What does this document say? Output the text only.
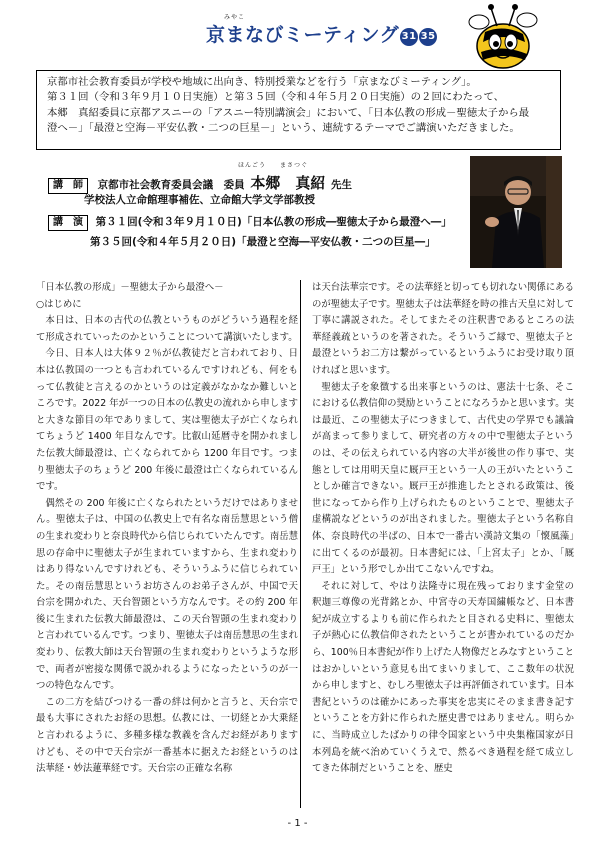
みやこ
京まなびミーティング 31 35

京都市社会教育委員が学校や地域に出向き、特別授業などを行う「京まなびミーティング」。

第３１回（令和３年９月１０日実施）と第３５回（令和４年５月２０日実施）の２回にわたって、

本郷　真紹委員に京都アスニーの「アスニー特別講演会」において、「日本仏教の形成－聖徳太子から最

澄へ－」「最澄と空海－平安仏教・二つの巨星－」という、連続するテーマでご講演いただきました。

ほんごう　　まさつぐ
講　師 京都市社会教育委員会議　委員 本郷　真紹 先生
学校法人立命館理事補佐、立命館大学文学部教授
講　演 第３１回(令和３年９月１０日)「日本仏教の形成―聖徳太子から最澄へ―」
第３５回(令和４年５月２０日)「最澄と空海―平安仏教・二つの巨星―」

「日本仏教の形成」－聖徳太子から最澄へ－

○はじめに

本日は、日本の古代の仏教というものがどういう過程を経て形成されていったのかということについて講演いたします。

今日、日本人は大体９２％が仏教徒だと言われており、日本は仏教国の一つとも言われているんですけれども、何をもって仏教徒と言えるのかというのは定義がなかなか難しいところです。2022 年が一つの日本の仏教史の流れから申しますと大きな節目の年でありまして、実は聖徳太子が亡くなられてちょうど 1400 年目なんです。比叡山延暦寺を開かれました伝教大師最澄は、亡くなられてから 1200 年目です。つまり聖徳太子のちょうど 200 年後に最澄は亡くなられているんです。

偶然その 200 年後に亡くなられたというだけではありません。聖徳太子は、中国の仏教史上で有名な南岳慧思という僧の生まれ変わりと奈良時代から信じられていたんです。南岳慧思の存命中に聖徳太子が生まれていますから、生まれ変わりはあり得ないんですけれども、そういうふうに信じられていた。その南岳慧思というお坊さんのお弟子さんが、中国で天台宗を開かれた、天台智顗という方なんです。その約 200 年後に生まれた伝教大師最澄は、この天台智顗の生まれ変わりと言われているんです。つまり、聖徳太子は南岳慧思の生まれ変わり、伝教大師は天台智顗の生まれ変わりというような形で、両者が密接な関係で説かれるようになったというのが一つの特色なんです。

この二方を結びつける一番の絆は何かと言うと、天台宗で最も大事にされたお経の思想。仏教には、一切経とか大乗経と言われるように、多種多様な教義を含んだお経がありますけども、その中で天台宗が一番基本に据えたお経というのは法華経・妙法蓮華経です。天台宗の正確な名称

は天台法華宗です。その法華経と切っても切れない関係にあるのが聖徳太子です。聖徳太子は法華経を時の推古天皇に対して丁寧に講説された。そしてまたその注釈書であるところの法華経義疏というのを著された。そういうご縁で、聖徳太子と最澄というお二方は繋がっているというふうにお受け取り頂ければと思います。

聖徳太子を象徴する出来事というのは、憲法十七条、そこにおける仏教信仰の奨励ということになろうかと思います。実は最近、この聖徳太子につきまして、古代史の学界でも議論が高まって参りまして、研究者の方々の中で聖徳太子というのは、その伝えられている内容の大半が後世の作り事で、実態としては用明天皇に厩戸王という一人の王がいたということしか確言できない。厩戸王が推進したとされる政策は、後世になってから作り上げられたものということで、聖徳太子虚構説などというのが出されました。聖徳太子という名称自体、奈良時代の半ばの、日本で一番古い漢詩文集の「懐風藻」に出てくるのが最初。日本書紀には、「上宮太子」とか、「厩戸王」という形でしか出てこないんですね。

それに対して、やはり法隆寺に現在残っております金堂の釈迦三尊像の光背銘とか、中宮寺の天寿国繍帳など、日本書紀が成立するよりも前に作られたと目される史料に、聖徳太子が熱心に仏教信仰されたということが書かれているのだから、100％日本書紀が作り上げた人物像だとみなすということはおかしいという意見も出てまいりまして、ここ数年の状況から申しますと、むしろ聖徳太子は再評価されています。日本書紀というのは確かにあった事実を忠実にそのまま書き記すということを方針に作られた歴史書ではありません。明らかに、当時成立したばかりの律令国家という中央集権国家が日本列島を統べ治めていくうえで、然るべき過程を経て成立してきた体制だということを、歴史

- 1 -
